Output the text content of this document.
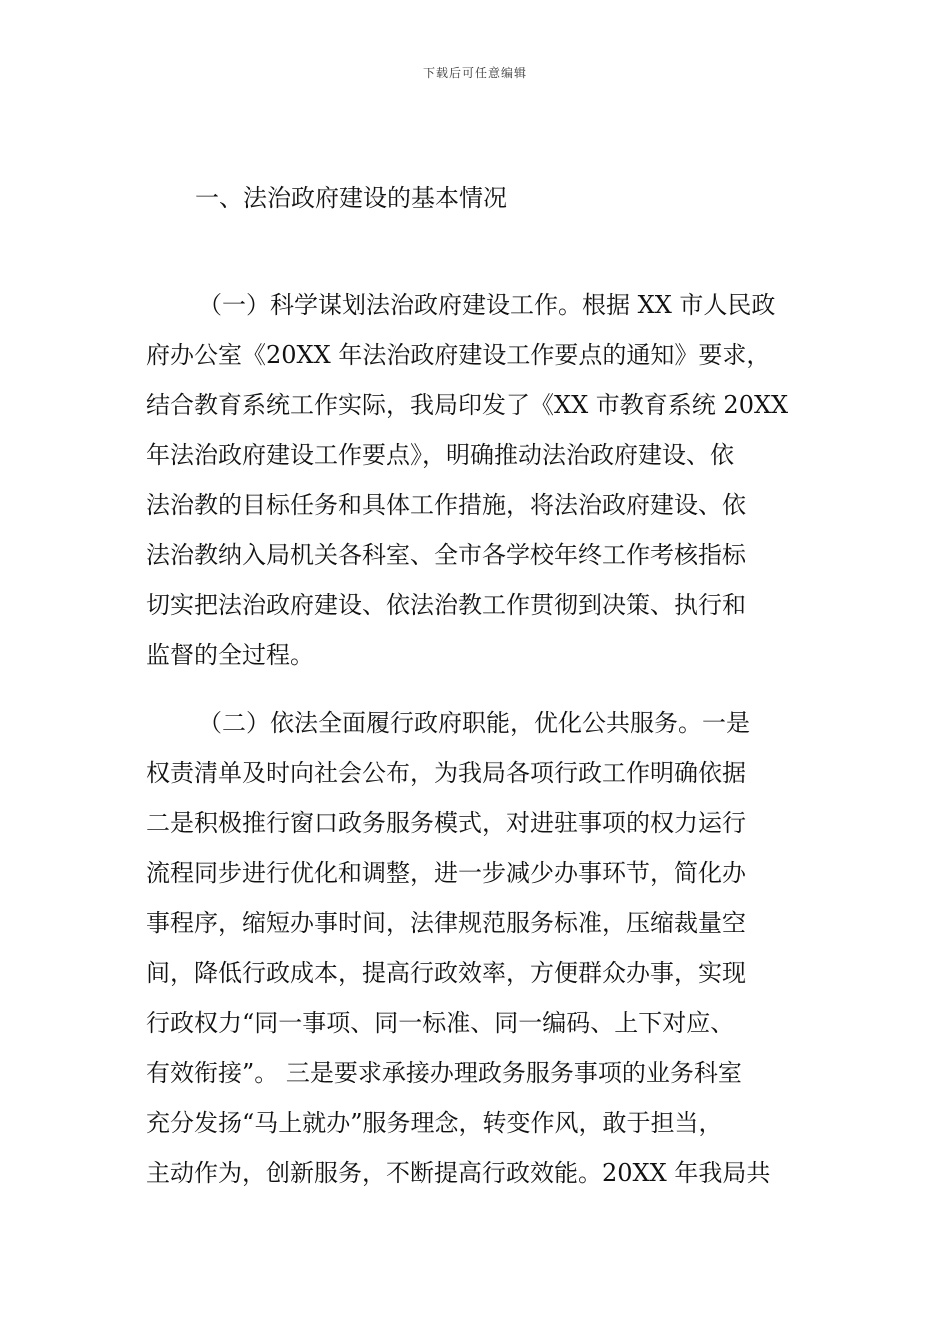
下载后可任意编辑
一、法治政府建设的基本情况
（一）科学谋划法治政府建设工作。根据 XX 市人民政
府办公室《20XX 年法治政府建设工作要点的通知》要求，
结合教育系统工作实际，我局印发了《XX 市教育系统 20XX
年法治政府建设工作要点》，明确推动法治政府建设、依
法治教的目标任务和具体工作措施，将法治政府建设、依
法治教纳入局机关各科室、全市各学校年终工作考核指标
切实把法治政府建设、依法治教工作贯彻到决策、执行和
监督的全过程。
（二）依法全面履行政府职能，优化公共服务。一是
权责清单及时向社会公布，为我局各项行政工作明确依据
二是积极推行窗口政务服务模式，对进驻事项的权力运行
流程同步进行优化和调整，进一步减少办事环节，简化办
事程序，缩短办事时间，法律规范服务标准，压缩裁量空
间，降低行政成本，提高行政效率，方便群众办事，实现
行政权力“同一事项、同一标准、同一编码、上下对应、
有效衔接”。 三是要求承接办理政务服务事项的业务科室
充分发扬“马上就办”服务理念，转变作风，敢于担当，
主动作为，创新服务，不断提高行政效能。20XX 年我局共
